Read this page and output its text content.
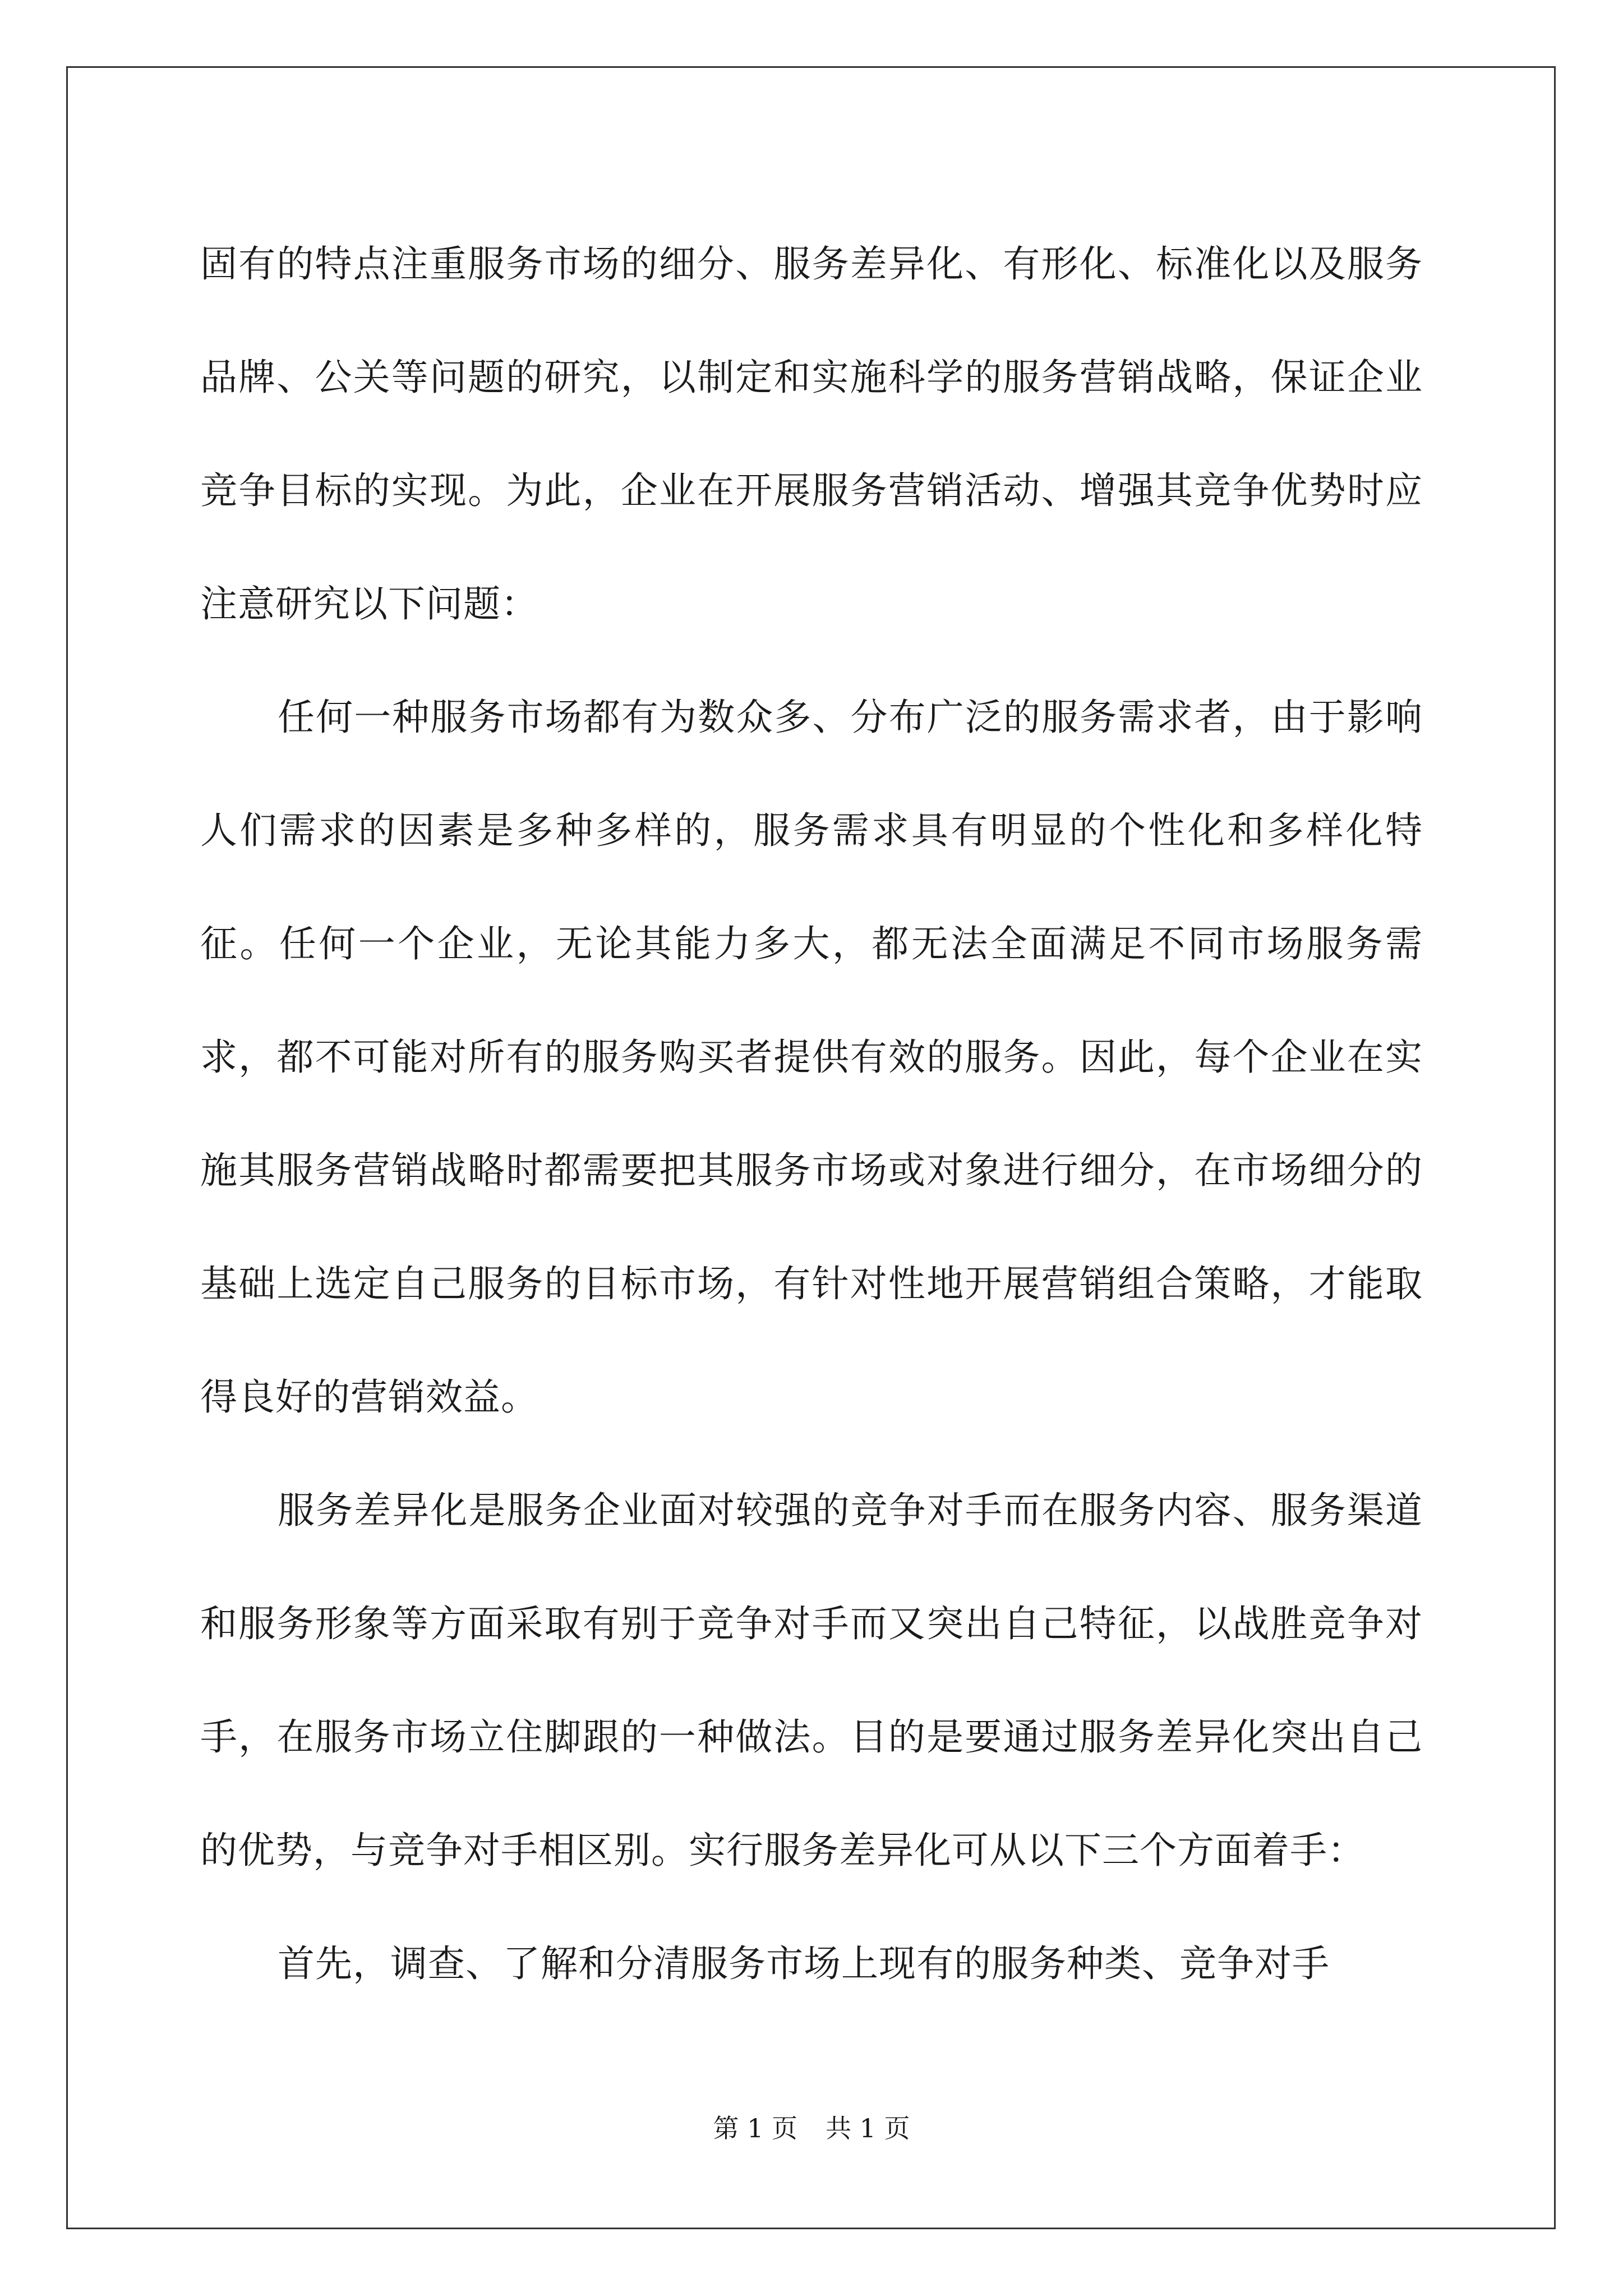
固有的特点注重服务市场的细分、服务差异化、有形化、标准化以及服务品牌、公关等问题的研究，以制定和实施科学的服务营销战略，保证企业竞争目标的实现。为此，企业在开展服务营销活动、增强其竞争优势时应注意研究以下问题：

任何一种服务市场都有为数众多、分布广泛的服务需求者，由于影响人们需求的因素是多种多样的，服务需求具有明显的个性化和多样化特征。任何一个企业，无论其能力多大，都无法全面满足不同市场服务需求，都不可能对所有的服务购买者提供有效的服务。因此，每个企业在实施其服务营销战略时都需要把其服务市场或对象进行细分，在市场细分的基础上选定自己服务的目标市场，有针对性地开展营销组合策略，才能取得良好的营销效益。

服务差异化是服务企业面对较强的竞争对手而在服务内容、服务渠道和服务形象等方面采取有别于竞争对手而又突出自己特征，以战胜竞争对手，在服务市场立住脚跟的一种做法。目的是要通过服务差异化突出自己的优势，与竞争对手相区别。实行服务差异化可从以下三个方面着手：

首先，调查、了解和分清服务市场上现有的服务种类、竞争对手

第 1 页 共 1 页
